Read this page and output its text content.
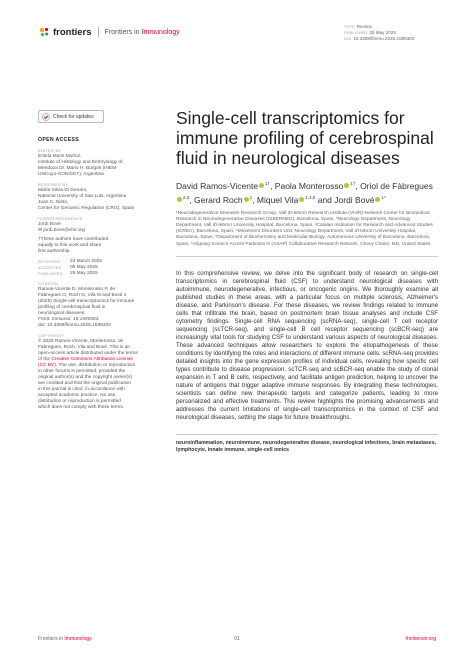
frontiers Frontiers in Immunology
TYPE Review
PUBLISHED 29 May 2025
DOI 10.3389/fimmu.2025.1599303
Check for updates
OPEN ACCESS
EDITED BY
Estela Maris Muñoz,
Institute of Histology and Embryology of
Mendoza Dr. Mario H. Burgos (IHEM-
UNCuyo-CONICET), Argentina
REVIEWED BY
María Silvia Di Genaro,
National University of San Luis, Argentina
Juan C. Nieto,
Center for Genomic Regulation (CRG), Spain
*CORRESPONDENCE
Jordi Bové
✉ jordi.bove@vhir.org
†These authors have contributed
equally to this work and share
first authorship
RECEIVED	24 March 2025
ACCEPTED	05 May 2025
PUBLISHED	29 May 2025
CITATION
Ramos-Vicente D, Monterosso P, de
Fàbregues O, Roch G, Vila M and Bové J
(2025) Single-cell transcriptomics for immune
profiling of cerebrospinal fluid in
neurological diseases.
Front. Immunol. 16:1599303.
doi: 10.3389/fimmu.2025.1599303
COPYRIGHT
© 2025 Ramos-Vicente, Monterosso, de
Fàbregues, Roch, Vila and Bové. This is an
open-access article distributed under the terms
of the Creative Commons Attribution License
(CC BY). The use, distribution or reproduction
in other forums is permitted, provided the
original author(s) and the copyright owner(s)
are credited and that the original publication
in this journal is cited, in accordance with
accepted academic practice. No use,
distribution or reproduction is permitted
which does not comply with these terms.
Single-cell transcriptomics for immune profiling of cerebrospinal fluid in neurological diseases
David Ramos-Vicente $^{1\dagger}$, Paola Monterosso $^{1\dagger}$, Oriol de Fàbregues$^{2,3}$, Gerard Roch $^1$, Miquel Vila $^{1,4,5}$ and Jordi Bové $^{1*}$
¹Neurodegenerative Diseases Research Group, Vall d'Hebron Research Institute (VHIR)-Network Center for Biomedical Research in Neurodegenerative Diseases (CIBERNED), Barcelona, Spain, ²Neurology Department, Neurology Department, Vall d'Hebron University Hospital, Barcelona, Spain, ³Catalan Institution for Research and Advanced Studies (ICREA), Barcelona, Spain, ⁴Movement Disorders Unit, Neurology Department, Vall d'Hebron University Hospital, Barcelona, Spain, ⁵Department of Biochemistry and Molecular Biology, Autonomous University of Barcelona, Barcelona, Spain, ⁶Aligning Science Across Parkinson's (ASAP) Collaborative Research Network, Chevy Chase, MD, United States

In this comprehensive review, we delve into the significant body of research on single-cell transcriptomics in cerebrospinal fluid (CSF) to understand neurological diseases with autoimmune, neurodegenerative, infectious, or oncogenic origins. We thoroughly examine all published studies in these areas, with a particular focus on multiple sclerosis, Alzheimer's disease, and Parkinson's disease. For these diseases, we review findings related to immune cells that infiltrate the brain, based on postmortem brain tissue analyses and include CSF cytometry findings. Single-cell RNA sequencing (scRNA-seq), single-cell T cell receptor sequencing (scTCR-seq), and single-cell B cell receptor sequencing (scBCR-seq) are increasingly vital tools for studying CSF to understand various aspects of neurological diseases. These advanced techniques allow researchers to explore the etiopathogenesis of these conditions by identifying the roles and interactions of different immune cells. scRNA-seq provides detailed insights into the gene expression profiles of individual cells, revealing how specific cell types contribute to disease progression. scTCR-seq and scBCR-seq enable the study of clonal expansion in T and B cells, respectively, and facilitate antigen prediction, helping to uncover the nature of antigens that trigger adaptive immune responses. By integrating these technologies, scientists can define new therapeutic targets and categorize patients, leading to more personalized and effective treatments. This review highlights the promising advancements and addresses the current limitations of single-cell transcriptomics in the context of CSF and neurological diseases, setting the stage for future breakthroughs.

neuroinflammation, neuroimmune, neurodegenerative disease, neurological infections, brain metastases, lymphocyte, innate immune, single-cell omics

Frontiers in Immunology	01	frontiersin.org
